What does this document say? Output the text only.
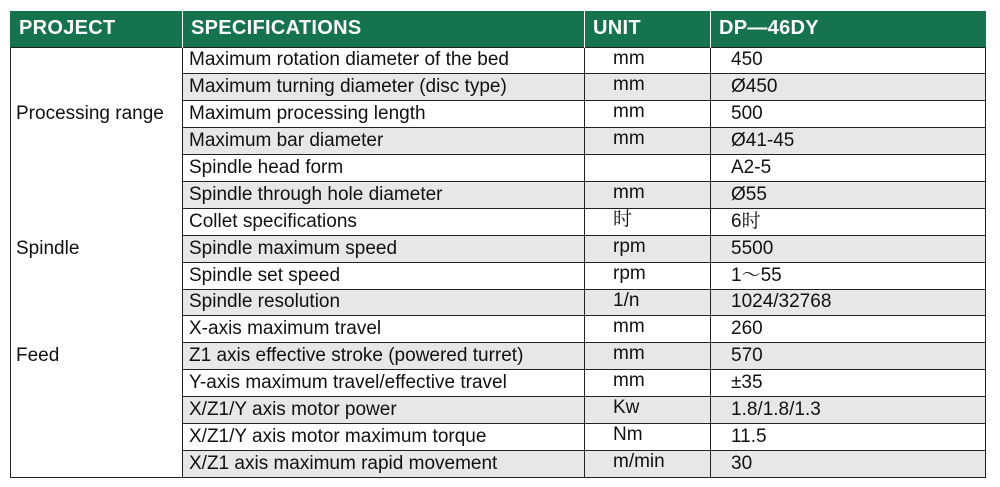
PROJECT	SPECIFICATIONS	UNIT	DP—46DY
	Maximum rotation diameter of the bed	mm	450
	Maximum turning diameter (disc type)	mm	Ø450
Processing range	Maximum processing length	mm	500
	Maximum bar diameter	mm	Ø41-45
	Spindle head form		A2-5
	Spindle through hole diameter	mm	Ø55
	Collet specifications	时	6时
Spindle	Spindle maximum speed	rpm	5500
	Spindle set speed	rpm	1～55
	Spindle resolution	1/n	1024/32768
	X-axis maximum travel	mm	260
Feed	Z1 axis effective stroke (powered turret)	mm	570
	Y-axis maximum travel/effective travel	mm	±35
	X/Z1/Y axis motor power	Kw	1.8/1.8/1.3
	X/Z1/Y axis motor maximum torque	Nm	11.5
	X/Z1 axis maximum rapid movement	m/min	30
